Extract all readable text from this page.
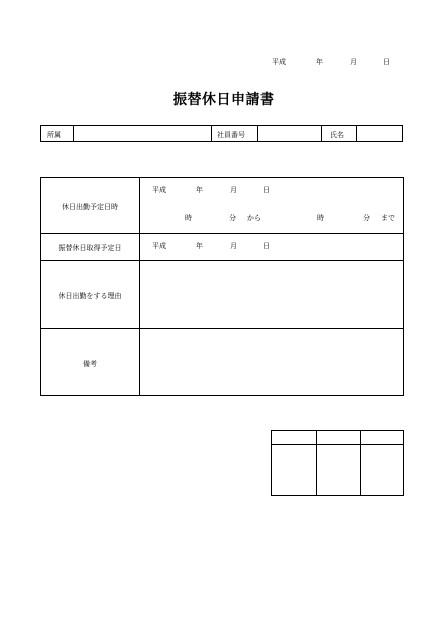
平成	年	月	日
振替休日申請書
所属	社員番号	氏名
休日出勤予定日時
平成	年	月	日
時	分 から	時	分 まで
振替休日取得予定日	平成	年	月	日
休日出勤をする理由
備考
